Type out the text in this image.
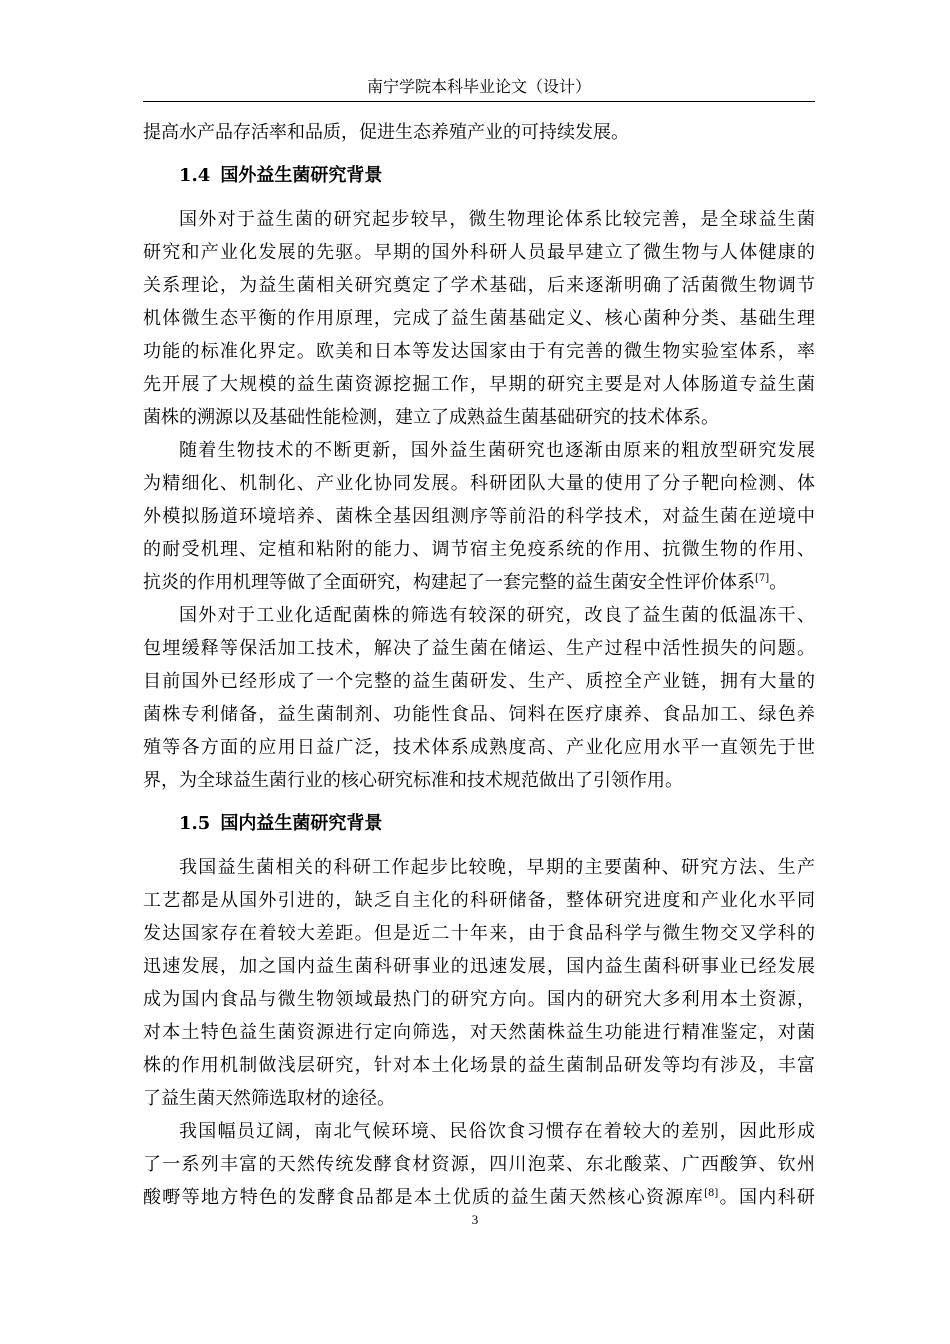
南宁学院本科毕业论文（设计）
提高水产品存活率和品质，促进生态养殖产业的可持续发展。
1.4 国外益生菌研究背景
国外对于益生菌的研究起步较早，微生物理论体系比较完善，是全球益生菌
研究和产业化发展的先驱。早期的国外科研人员最早建立了微生物与人体健康的
关系理论，为益生菌相关研究奠定了学术基础，后来逐渐明确了活菌微生物调节
机体微生态平衡的作用原理，完成了益生菌基础定义、核心菌种分类、基础生理
功能的标准化界定。欧美和日本等发达国家由于有完善的微生物实验室体系，率
先开展了大规模的益生菌资源挖掘工作，早期的研究主要是对人体肠道专益生菌
菌株的溯源以及基础性能检测，建立了成熟益生菌基础研究的技术体系。
随着生物技术的不断更新，国外益生菌研究也逐渐由原来的粗放型研究发展
为精细化、机制化、产业化协同发展。科研团队大量的使用了分子靶向检测、体
外模拟肠道环境培养、菌株全基因组测序等前沿的科学技术，对益生菌在逆境中
的耐受机理、定植和粘附的能力、调节宿主免疫系统的作用、抗微生物的作用、
抗炎的作用机理等做了全面研究，构建起了一套完整的益生菌安全性评价体系[7]。
国外对于工业化适配菌株的筛选有较深的研究，改良了益生菌的低温冻干、
包埋缓释等保活加工技术，解决了益生菌在储运、生产过程中活性损失的问题。
目前国外已经形成了一个完整的益生菌研发、生产、质控全产业链，拥有大量的
菌株专利储备，益生菌制剂、功能性食品、饲料在医疗康养、食品加工、绿色养
殖等各方面的应用日益广泛，技术体系成熟度高、产业化应用水平一直领先于世
界，为全球益生菌行业的核心研究标准和技术规范做出了引领作用。
1.5 国内益生菌研究背景
我国益生菌相关的科研工作起步比较晚，早期的主要菌种、研究方法、生产
工艺都是从国外引进的，缺乏自主化的科研储备，整体研究进度和产业化水平同
发达国家存在着较大差距。但是近二十年来，由于食品科学与微生物交叉学科的
迅速发展，加之国内益生菌科研事业的迅速发展，国内益生菌科研事业已经发展
成为国内食品与微生物领域最热门的研究方向。国内的研究大多利用本土资源，
对本土特色益生菌资源进行定向筛选，对天然菌株益生功能进行精准鉴定，对菌
株的作用机制做浅层研究，针对本土化场景的益生菌制品研发等均有涉及，丰富
了益生菌天然筛选取材的途径。
我国幅员辽阔，南北气候环境、民俗饮食习惯存在着较大的差别，因此形成
了一系列丰富的天然传统发酵食材资源，四川泡菜、东北酸菜、广西酸笋、钦州
酸嘢等地方特色的发酵食品都是本土优质的益生菌天然核心资源库[8]。国内科研
3
